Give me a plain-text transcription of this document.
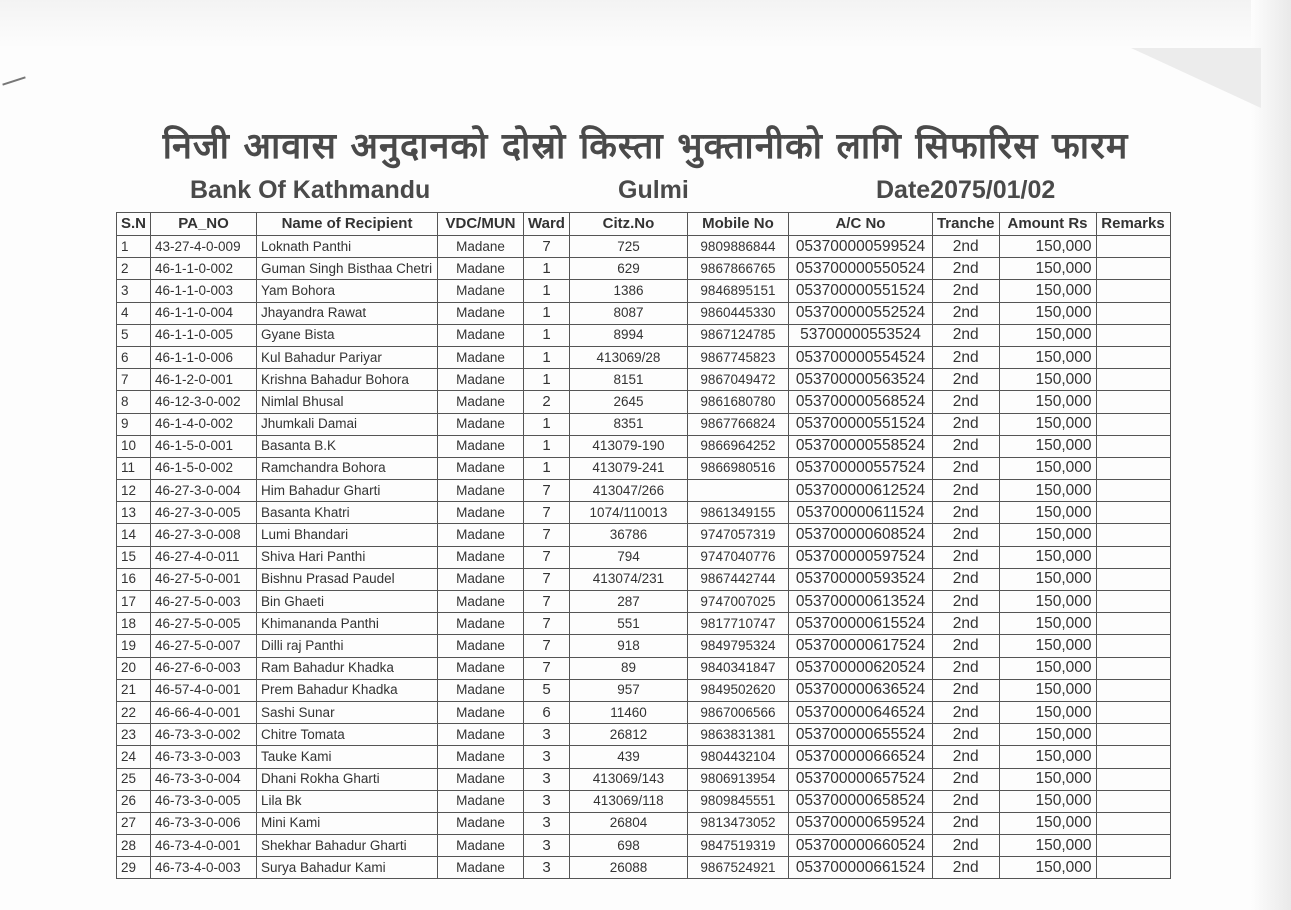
निजी आवास अनुदानको दोस्रो किस्ता भुक्तानीको लागि सिफारिस फारम
Bank Of Kathmandu	Gulmi	Date2075/01/02
S.N	PA_NO	Name of Recipient	VDC/MUN	Ward	Citz.No	Mobile No	A/C No	Tranche	Amount Rs	Remarks
1	43-27-4-0-009	Loknath Panthi	Madane	7	725	9809886844	053700000599524	2nd	150,000	
2	46-1-1-0-002	Guman Singh Bisthaa Chetri	Madane	1	629	9867866765	053700000550524	2nd	150,000	
3	46-1-1-0-003	Yam Bohora	Madane	1	1386	9846895151	053700000551524	2nd	150,000	
4	46-1-1-0-004	Jhayandra Rawat	Madane	1	8087	9860445330	053700000552524	2nd	150,000	
5	46-1-1-0-005	Gyane Bista	Madane	1	8994	9867124785	53700000553524	2nd	150,000	
6	46-1-1-0-006	Kul Bahadur Pariyar	Madane	1	413069/28	9867745823	053700000554524	2nd	150,000	
7	46-1-2-0-001	Krishna Bahadur Bohora	Madane	1	8151	9867049472	053700000563524	2nd	150,000	
8	46-12-3-0-002	Nimlal Bhusal	Madane	2	2645	9861680780	053700000568524	2nd	150,000	
9	46-1-4-0-002	Jhumkali Damai	Madane	1	8351	9867766824	053700000551524	2nd	150,000	
10	46-1-5-0-001	Basanta B.K	Madane	1	413079-190	9866964252	053700000558524	2nd	150,000	
11	46-1-5-0-002	Ramchandra Bohora	Madane	1	413079-241	9866980516	053700000557524	2nd	150,000	
12	46-27-3-0-004	Him Bahadur Gharti	Madane	7	413047/266		053700000612524	2nd	150,000	
13	46-27-3-0-005	Basanta Khatri	Madane	7	1074/110013	9861349155	053700000611524	2nd	150,000	
14	46-27-3-0-008	Lumi Bhandari	Madane	7	36786	9747057319	053700000608524	2nd	150,000	
15	46-27-4-0-011	Shiva Hari Panthi	Madane	7	794	9747040776	053700000597524	2nd	150,000	
16	46-27-5-0-001	Bishnu Prasad Paudel	Madane	7	413074/231	9867442744	053700000593524	2nd	150,000	
17	46-27-5-0-003	Bin Ghaeti	Madane	7	287	9747007025	053700000613524	2nd	150,000	
18	46-27-5-0-005	Khimananda Panthi	Madane	7	551	9817710747	053700000615524	2nd	150,000	
19	46-27-5-0-007	Dilli raj Panthi	Madane	7	918	9849795324	053700000617524	2nd	150,000	
20	46-27-6-0-003	Ram Bahadur Khadka	Madane	7	89	9840341847	053700000620524	2nd	150,000	
21	46-57-4-0-001	Prem Bahadur Khadka	Madane	5	957	9849502620	053700000636524	2nd	150,000	
22	46-66-4-0-001	Sashi Sunar	Madane	6	11460	9867006566	053700000646524	2nd	150,000	
23	46-73-3-0-002	Chitre Tomata	Madane	3	26812	9863831381	053700000655524	2nd	150,000	
24	46-73-3-0-003	Tauke Kami	Madane	3	439	9804432104	053700000666524	2nd	150,000	
25	46-73-3-0-004	Dhani Rokha Gharti	Madane	3	413069/143	9806913954	053700000657524	2nd	150,000	
26	46-73-3-0-005	Lila Bk	Madane	3	413069/118	9809845551	053700000658524	2nd	150,000	
27	46-73-3-0-006	Mini Kami	Madane	3	26804	9813473052	053700000659524	2nd	150,000	
28	46-73-4-0-001	Shekhar Bahadur Gharti	Madane	3	698	9847519319	053700000660524	2nd	150,000	
29	46-73-4-0-003	Surya Bahadur Kami	Madane	3	26088	9867524921	053700000661524	2nd	150,000	
